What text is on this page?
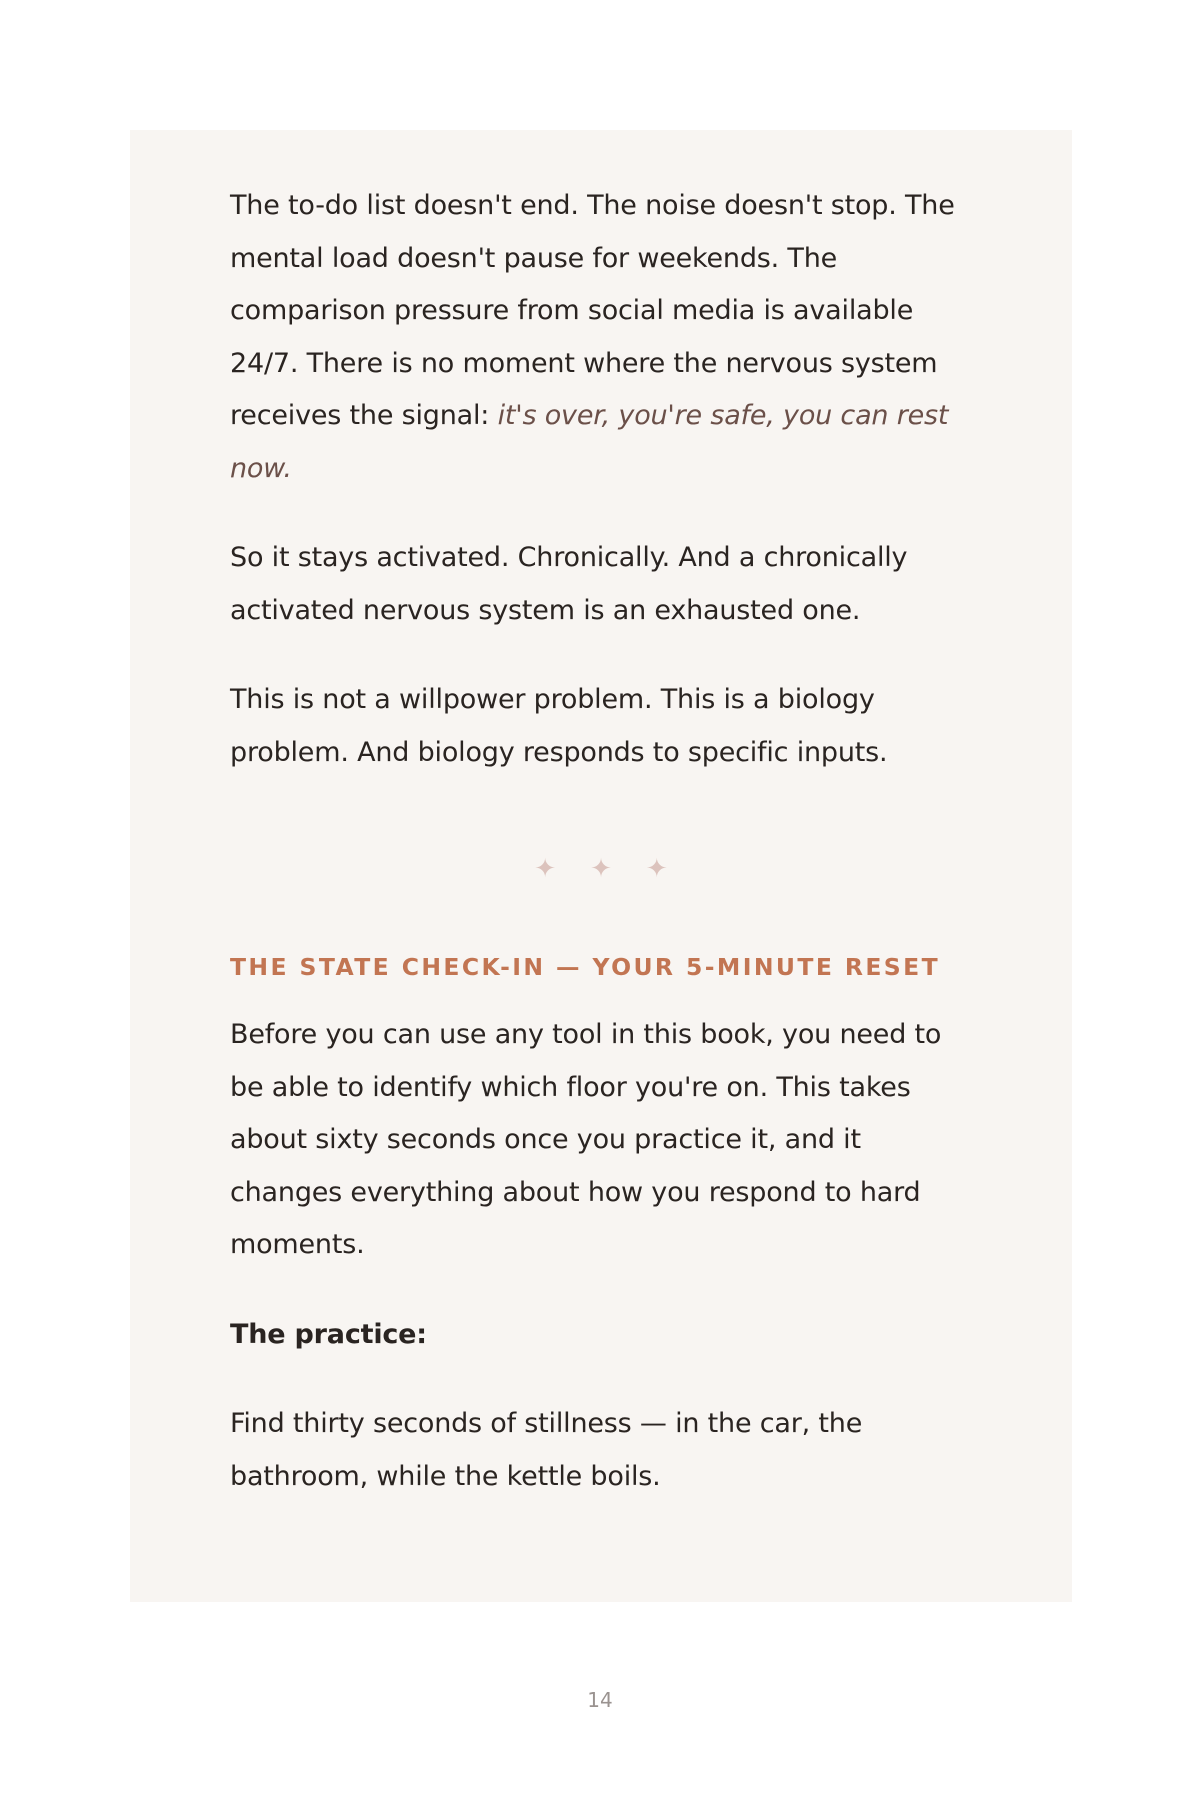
The to-do list doesn't end. The noise doesn't stop. The mental load doesn't pause for weekends. The comparison pressure from social media is available 24/7. There is no moment where the nervous system receives the signal: it's over, you're safe, you can rest now.

So it stays activated. Chronically. And a chronically activated nervous system is an exhausted one.

This is not a willpower problem. This is a biology problem. And biology responds to specific inputs.

✦ ✦ ✦
THE STATE CHECK-IN — YOUR 5-MINUTE RESET

Before you can use any tool in this book, you need to be able to identify which floor you're on. This takes about sixty seconds once you practice it, and it changes everything about how you respond to hard moments.

The practice:

Find thirty seconds of stillness — in the car, the bathroom, while the kettle boils.

14
